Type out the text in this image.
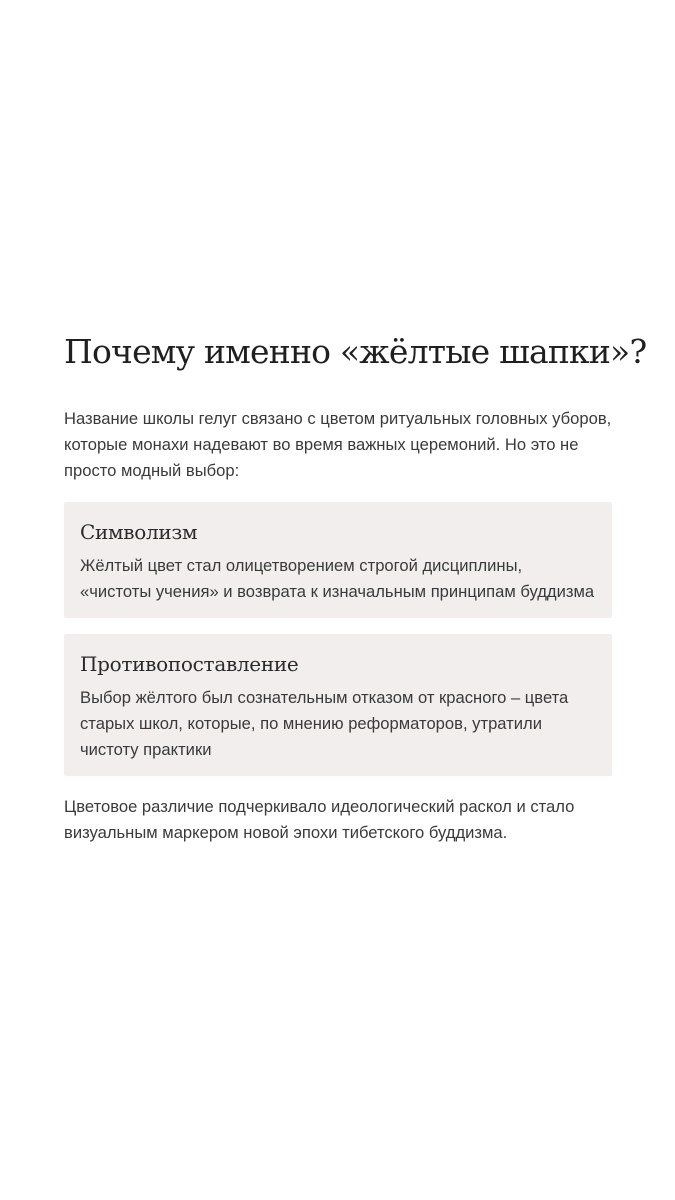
Почему именно «жёлтые шапки»?

Название школы гелуг связано с цветом ритуальных головных уборов, которые монахи надевают во время важных церемоний. Но это не просто модный выбор:

Символизм

Жёлтый цвет стал олицетворением строгой дисциплины, «чистоты учения» и возврата к изначальным принципам буддизма

Противопоставление

Выбор жёлтого был сознательным отказом от красного – цвета старых школ, которые, по мнению реформаторов, утратили чистоту практики

Цветовое различие подчеркивало идеологический раскол и стало визуальным маркером новой эпохи тибетского буддизма.
